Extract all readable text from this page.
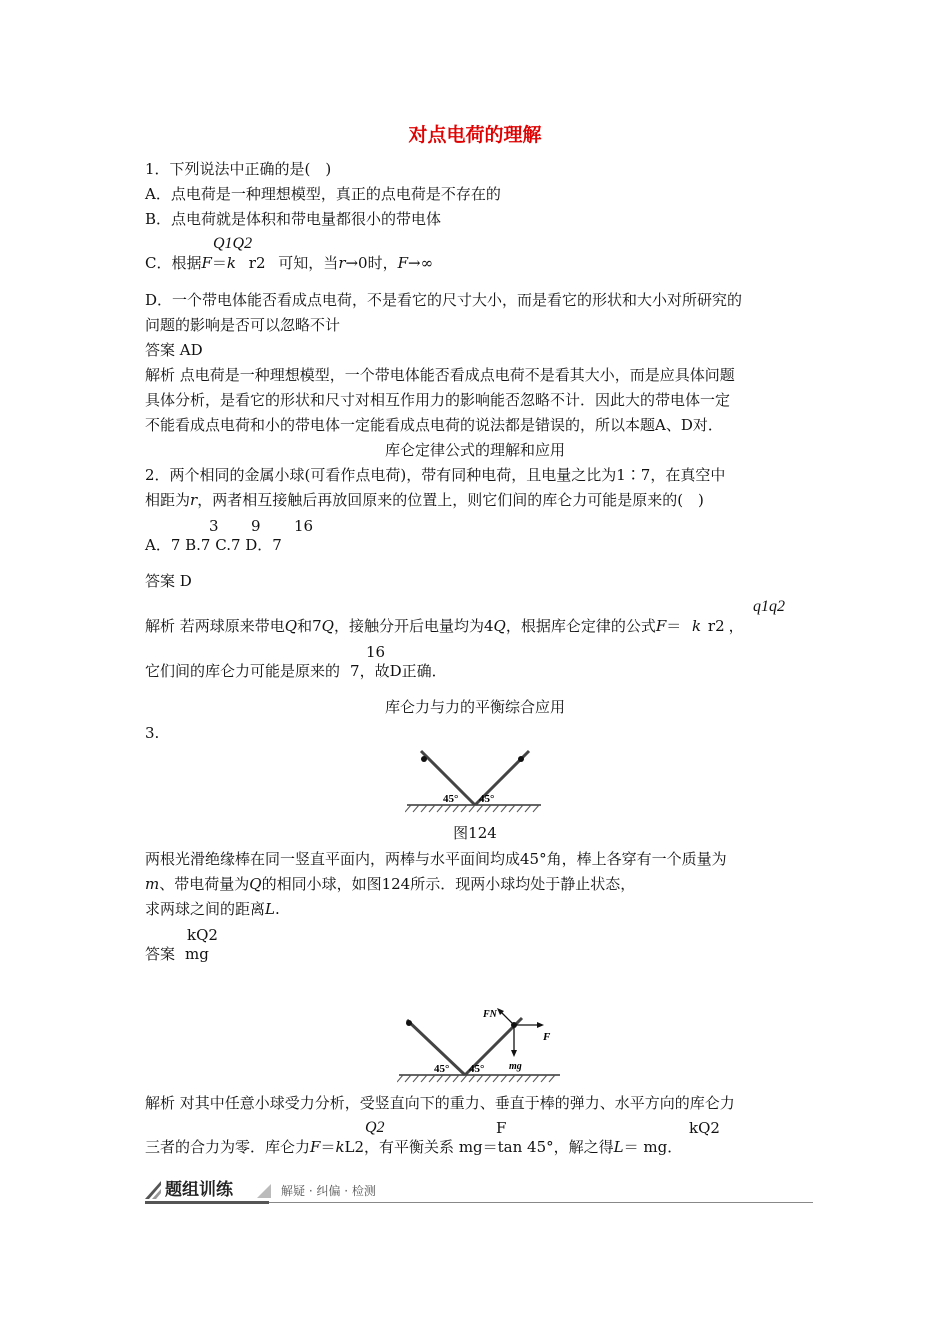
对点电荷的理解
1．下列说法中正确的是(　)
A．点电荷是一种理想模型，真正的点电荷是不存在的
B．点电荷就是体积和带电量都很小的带电体
Q1Q2
C．根据F＝k r2 可知，当r→0时，F→∞
D．一个带电体能否看成点电荷，不是看它的尺寸大小，而是看它的形状和大小对所研究的
问题的影响是否可以忽略不计
答案 AD
解析 点电荷是一种理想模型，一个带电体能否看成点电荷不是看其大小，而是应具体问题
具体分析，是看它的形状和尺寸对相互作用力的影响能否忽略不计．因此大的带电体一定
不能看成点电荷和小的带电体一定能看成点电荷的说法都是错误的，所以本题A、D对．
库仑定律公式的理解和应用
2．两个相同的金属小球(可看作点电荷)，带有同种电荷，且电量之比为1∶7，在真空中
相距为r，两者相互接触后再放回原来的位置上，则它们间的库仑力可能是原来的(　)
3 9 16
A．7 B.7 C.7 D．7
答案 D
q1q2
解析 若两球原来带电Q和7Q，接触分开后电量均为4Q，根据库仑定律的公式F＝ k r2 ，
16
它们间的库仑力可能是原来的 7，故D正确．
库仑力与力的平衡综合应用
3.
45° 45°
图124
两根光滑绝缘棒在同一竖直平面内，两棒与水平面间均成45°角，棒上各穿有一个质量为
m、带电荷量为Q的相同小球，如图124所示．现两小球均处于静止状态，
求两球之间的距离L.
kQ2
答案 mg
FN
F
mg
45° 45°
解析 对其中任意小球受力分析，受竖直向下的重力、垂直于棒的弹力、水平方向的库仑力
Q2	F	kQ2
三者的合力为零．库仑力F＝kL2，有平衡关系 mg＝tan 45°，解之得L＝ mg．
题组训练	解疑 · 纠偏 · 检测
